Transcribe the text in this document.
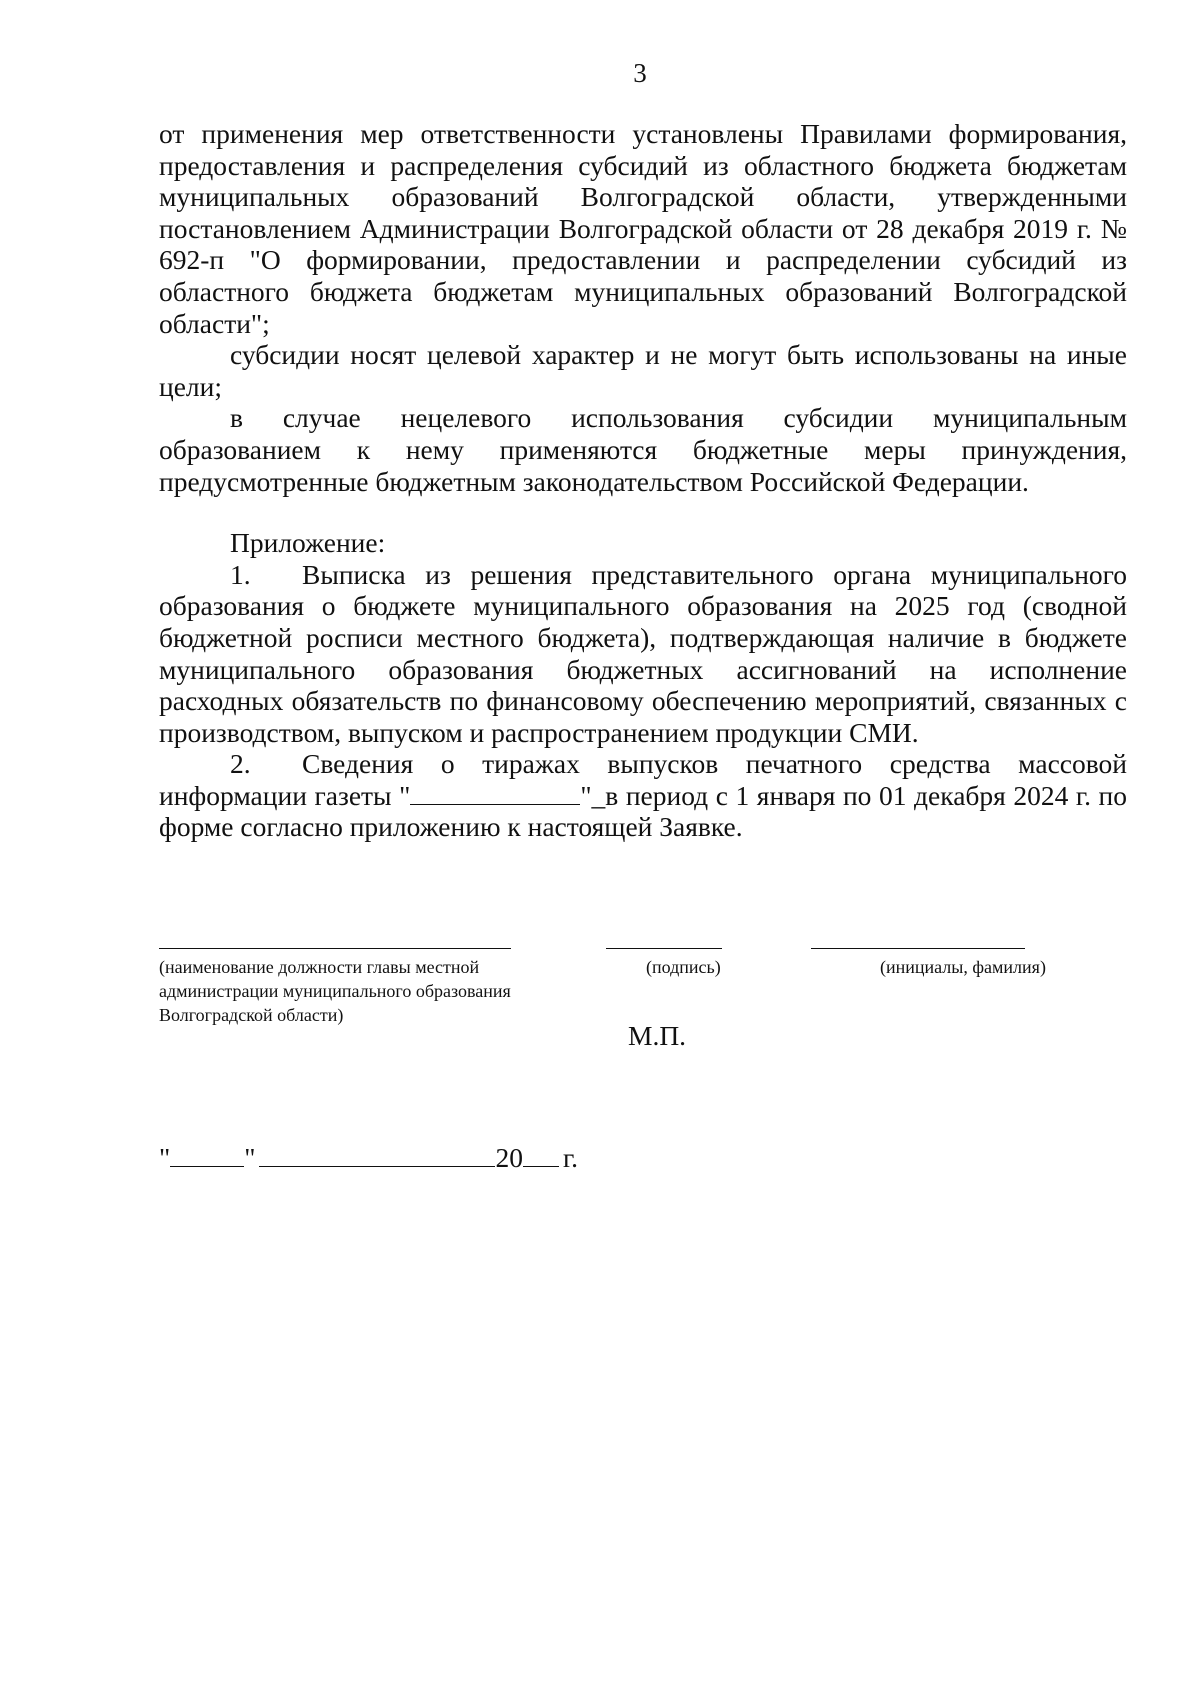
3

от применения мер ответственности установлены Правилами формирования, предоставления и распределения субсидий из областного бюджета бюджетам муниципальных образований Волгоградской области, утвержденными постановлением Администрации Волгоградской области от 28 декабря 2019 г. № 692-п "О формировании, предоставлении и распределении субсидий из областного бюджета бюджетам муниципальных образований Волгоградской области";

субсидии носят целевой характер и не могут быть использованы на иные цели;

в случае нецелевого использования субсидии муниципальным образованием к нему применяются бюджетные меры принуждения, предусмотренные бюджетным законодательством Российской Федерации.

Приложение:

1. Выписка из решения представительного органа муниципального образования о бюджете муниципального образования на 2025 год (сводной бюджетной росписи местного бюджета), подтверждающая наличие в бюджете муниципального образования бюджетных ассигнований на исполнение расходных обязательств по финансовому обеспечению мероприятий, связанных с производством, выпуском и распространением продукции СМИ.

2. Сведения о тиражах выпусков печатного средства массовой информации газеты "	"_в период с 1 января по 01 декабря 2024 г. по форме согласно приложению к настоящей Заявке.

(наименование должности главы местной администрации муниципального образования Волгоградской области)
(подпись)	(инициалы, фамилия)
М.П.
"	"	20 г.
